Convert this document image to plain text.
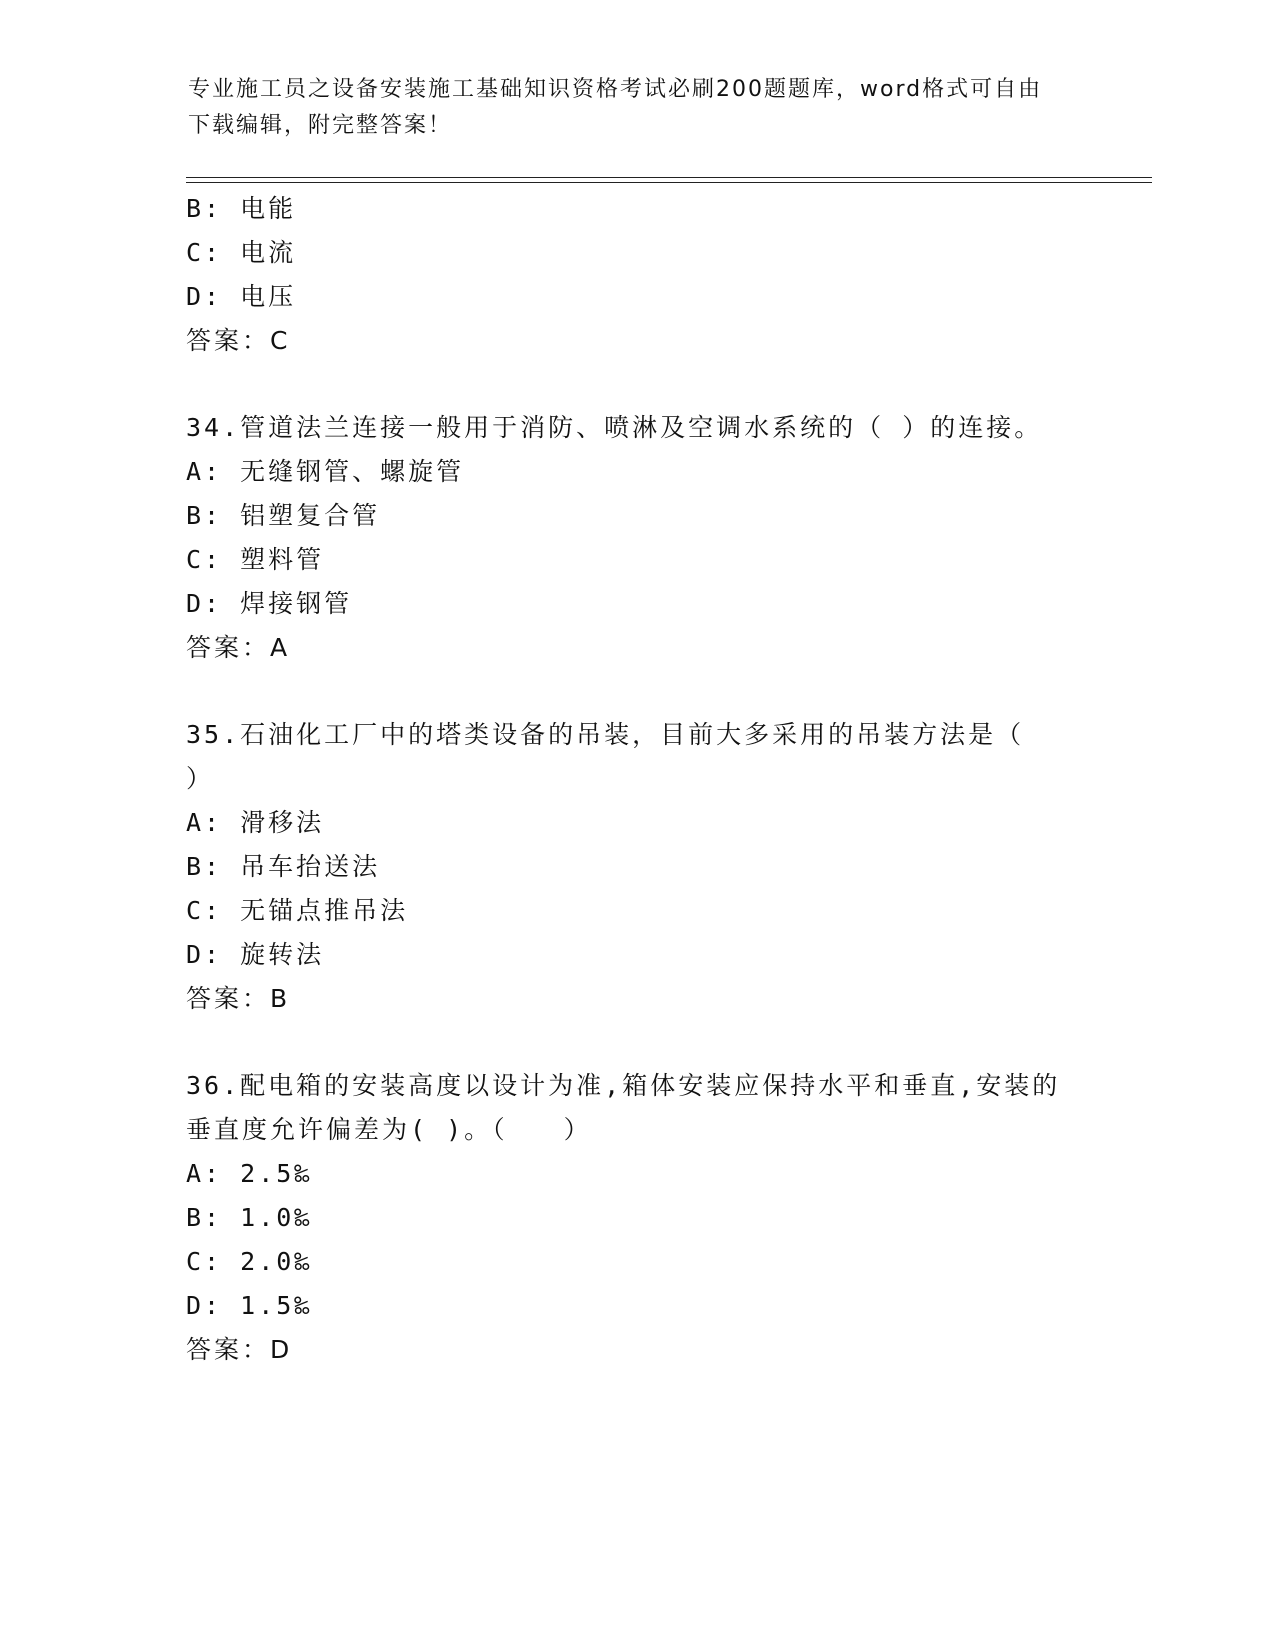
专业施工员之设备安装施工基础知识资格考试必刷200题题库，word格式可自由
下载编辑，附完整答案！
B: 电能
C: 电流
D: 电压
答案：C
34.管道法兰连接一般用于消防、喷淋及空调水系统的（ ）的连接。
A: 无缝钢管、螺旋管
B: 铝塑复合管
C: 塑料管
D: 焊接钢管
答案：A
35.石油化工厂中的塔类设备的吊装，目前大多采用的吊装方法是（
）
A: 滑移法
B: 吊车抬送法
C: 无锚点推吊法
D: 旋转法
答案：B
36.配电箱的安装高度以设计为准,箱体安装应保持水平和垂直,安装的
垂直度允许偏差为( )。（　　）
A: 2.5‰
B: 1.0‰
C: 2.0‰
D: 1.5‰
答案：D
